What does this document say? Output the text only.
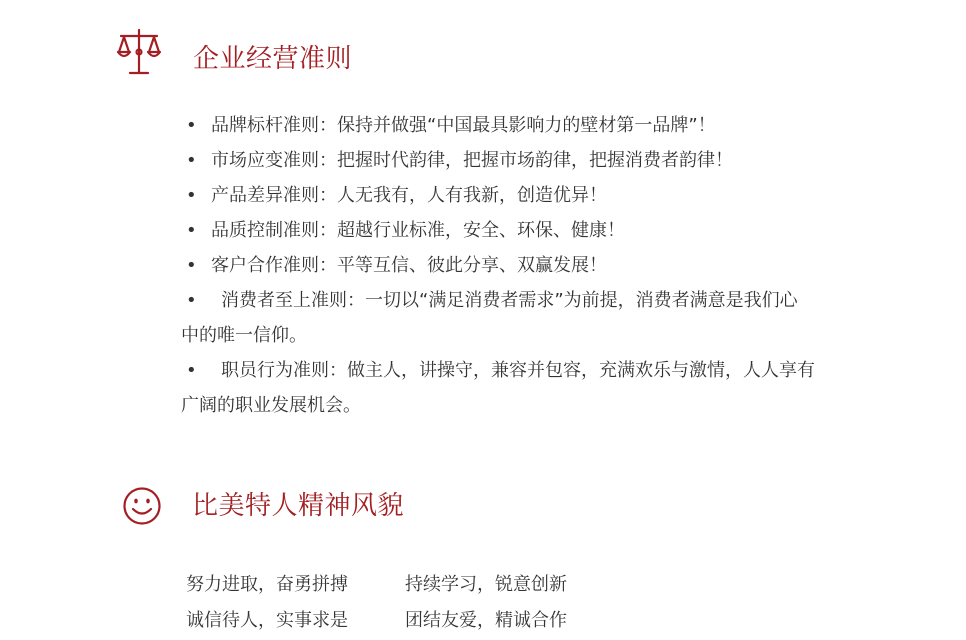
企业经营准则
• 品牌标杆准则：保持并做强“中国最具影响力的壁材第一品牌”！
• 市场应变准则：把握时代韵律，把握市场韵律，把握消费者韵律！
• 产品差异准则：人无我有，人有我新，创造优异！
• 品质控制准则：超越行业标准，安全、环保、健康！
• 客户合作准则：平等互信、彼此分享、双赢发展！
•	消费者至上准则：一切以“满足消费者需求”为前提，消费者满意是我们心
中的唯一信仰。
•	职员行为准则：做主人，讲操守，兼容并包容，充满欢乐与激情，人人享有
广阔的职业发展机会。
比美特人精神风貌
努力进取，奋勇拼搏	持续学习，锐意创新
诚信待人，实事求是	团结友爱，精诚合作
